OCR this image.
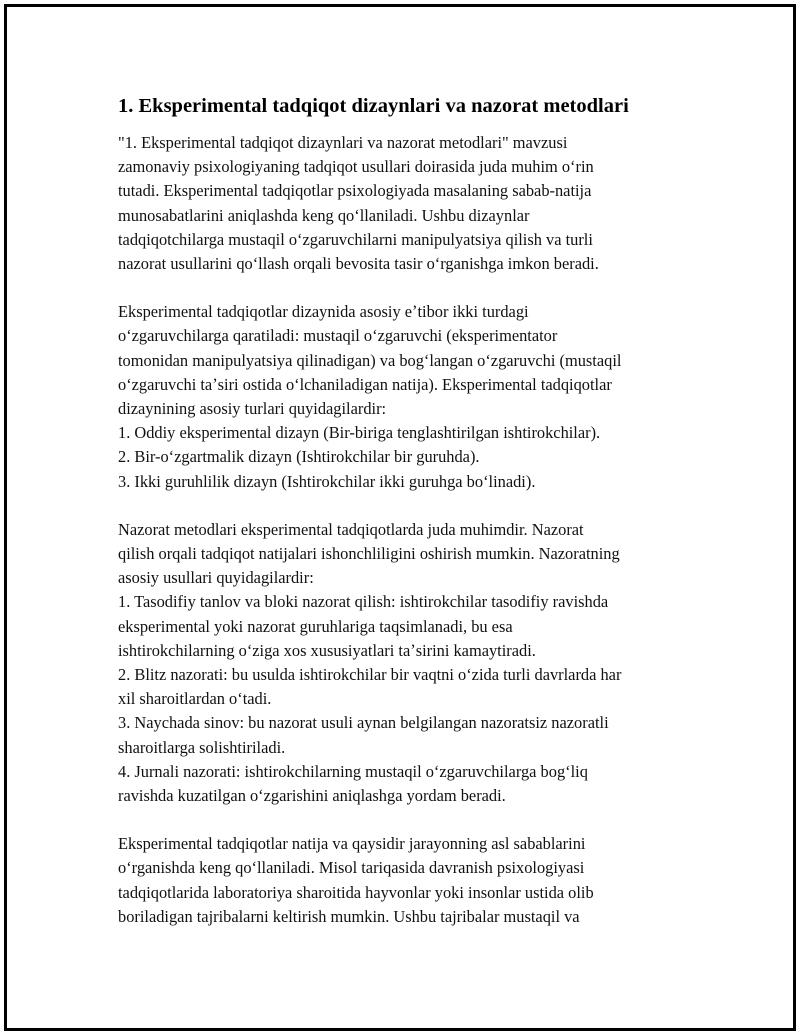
1. Eksperimental tadqiqot dizaynlari va nazorat metodlari
"1. Eksperimental tadqiqot dizaynlari va nazorat metodlari" mavzusi
zamonaviy psixologiyaning tadqiqot usullari doirasida juda muhim oʻrin
tutadi. Eksperimental tadqiqotlar psixologiyada masalaning sabab-natija
munosabatlarini aniqlashda keng qoʻllaniladi. Ushbu dizaynlar
tadqiqotchilarga mustaqil oʻzgaruvchilarni manipulyatsiya qilish va turli
nazorat usullarini qoʻllash orqali bevosita tasir oʻrganishga imkon beradi.
Eksperimental tadqiqotlar dizaynida asosiy eʼtibor ikki turdagi
oʻzgaruvchilarga qaratiladi: mustaqil oʻzgaruvchi (eksperimentator
tomonidan manipulyatsiya qilinadigan) va bogʻlangan oʻzgaruvchi (mustaqil
oʻzgaruvchi taʼsiri ostida oʻlchaniladigan natija). Eksperimental tadqiqotlar
dizaynining asosiy turlari quyidagilardir:
1. Oddiy eksperimental dizayn (Bir-biriga tenglashtirilgan ishtirokchilar).
2. Bir-oʻzgartmalik dizayn (Ishtirokchilar bir guruhda).
3. Ikki guruhlilik dizayn (Ishtirokchilar ikki guruhga boʻlinadi).
Nazorat metodlari eksperimental tadqiqotlarda juda muhimdir. Nazorat
qilish orqali tadqiqot natijalari ishonchliligini oshirish mumkin. Nazoratning
asosiy usullari quyidagilardir:
1. Tasodifiy tanlov va bloki nazorat qilish: ishtirokchilar tasodifiy ravishda
eksperimental yoki nazorat guruhlariga taqsimlanadi, bu esa
ishtirokchilarning oʻziga xos xususiyatlari taʼsirini kamaytiradi.
2. Blitz nazorati: bu usulda ishtirokchilar bir vaqtni oʻzida turli davrlarda har
xil sharoitlardan oʻtadi.
3. Naychada sinov: bu nazorat usuli aynan belgilangan nazoratsiz nazoratli
sharoitlarga solishtiriladi.
4. Jurnali nazorati: ishtirokchilarning mustaqil oʻzgaruvchilarga bogʻliq
ravishda kuzatilgan oʻzgarishini aniqlashga yordam beradi.
Eksperimental tadqiqotlar natija va qaysidir jarayonning asl sabablarini
oʻrganishda keng qoʻllaniladi. Misol tariqasida davranish psixologiyasi
tadqiqotlarida laboratoriya sharoitida hayvonlar yoki insonlar ustida olib
boriladigan tajribalarni keltirish mumkin. Ushbu tajribalar mustaqil va
